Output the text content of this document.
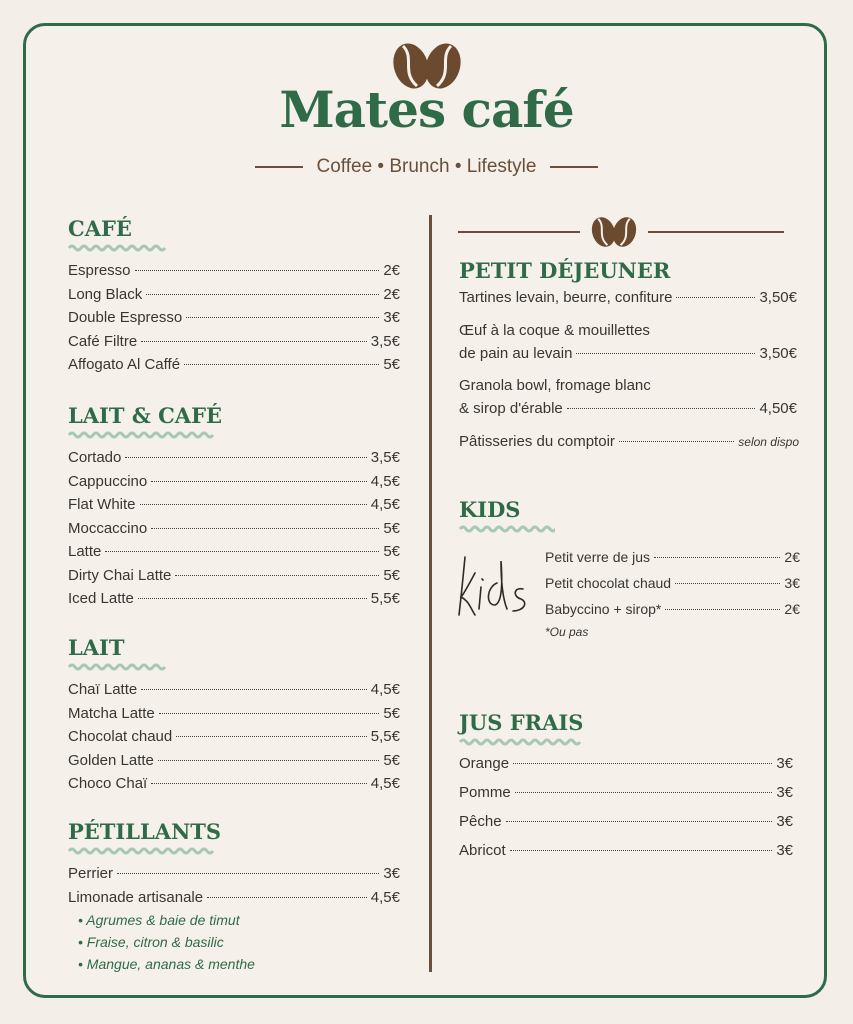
Mates café
Coffee • Brunch • Lifestyle
CAFÉ
Espresso	2€
Long Black	2€
Double Espresso	3€
Café Filtre	3,5€
Affogato Al Caffé	5€
LAIT & CAFÉ
Cortado	3,5€
Cappuccino	4,5€
Flat White	4,5€
Moccaccino	5€
Latte	5€
Dirty Chai Latte	5€
Iced Latte	5,5€
LAIT
Chaï Latte	4,5€
Matcha Latte	5€
Chocolat chaud	5,5€
Golden Latte	5€
Choco Chaï	4,5€
PÉTILLANTS
Perrier	3€
Limonade artisanale	4,5€
• Agrumes & baie de timut
• Fraise, citron & basilic
• Mangue, ananas & menthe
PETIT DÉJEUNER
Tartines levain, beurre, confiture	3,50€
Œuf à la coque & mouillettes
de pain au levain	3,50€
Granola bowl, fromage blanc
& sirop d'érable	4,50€
Pâtisseries du comptoir	selon dispo
KIDS
Petit verre de jus	2€
Petit chocolat chaud	3€
Babyccino + sirop*	2€
*Ou pas
JUS FRAIS
Orange	3€
Pomme	3€
Pêche	3€
Abricot	3€
